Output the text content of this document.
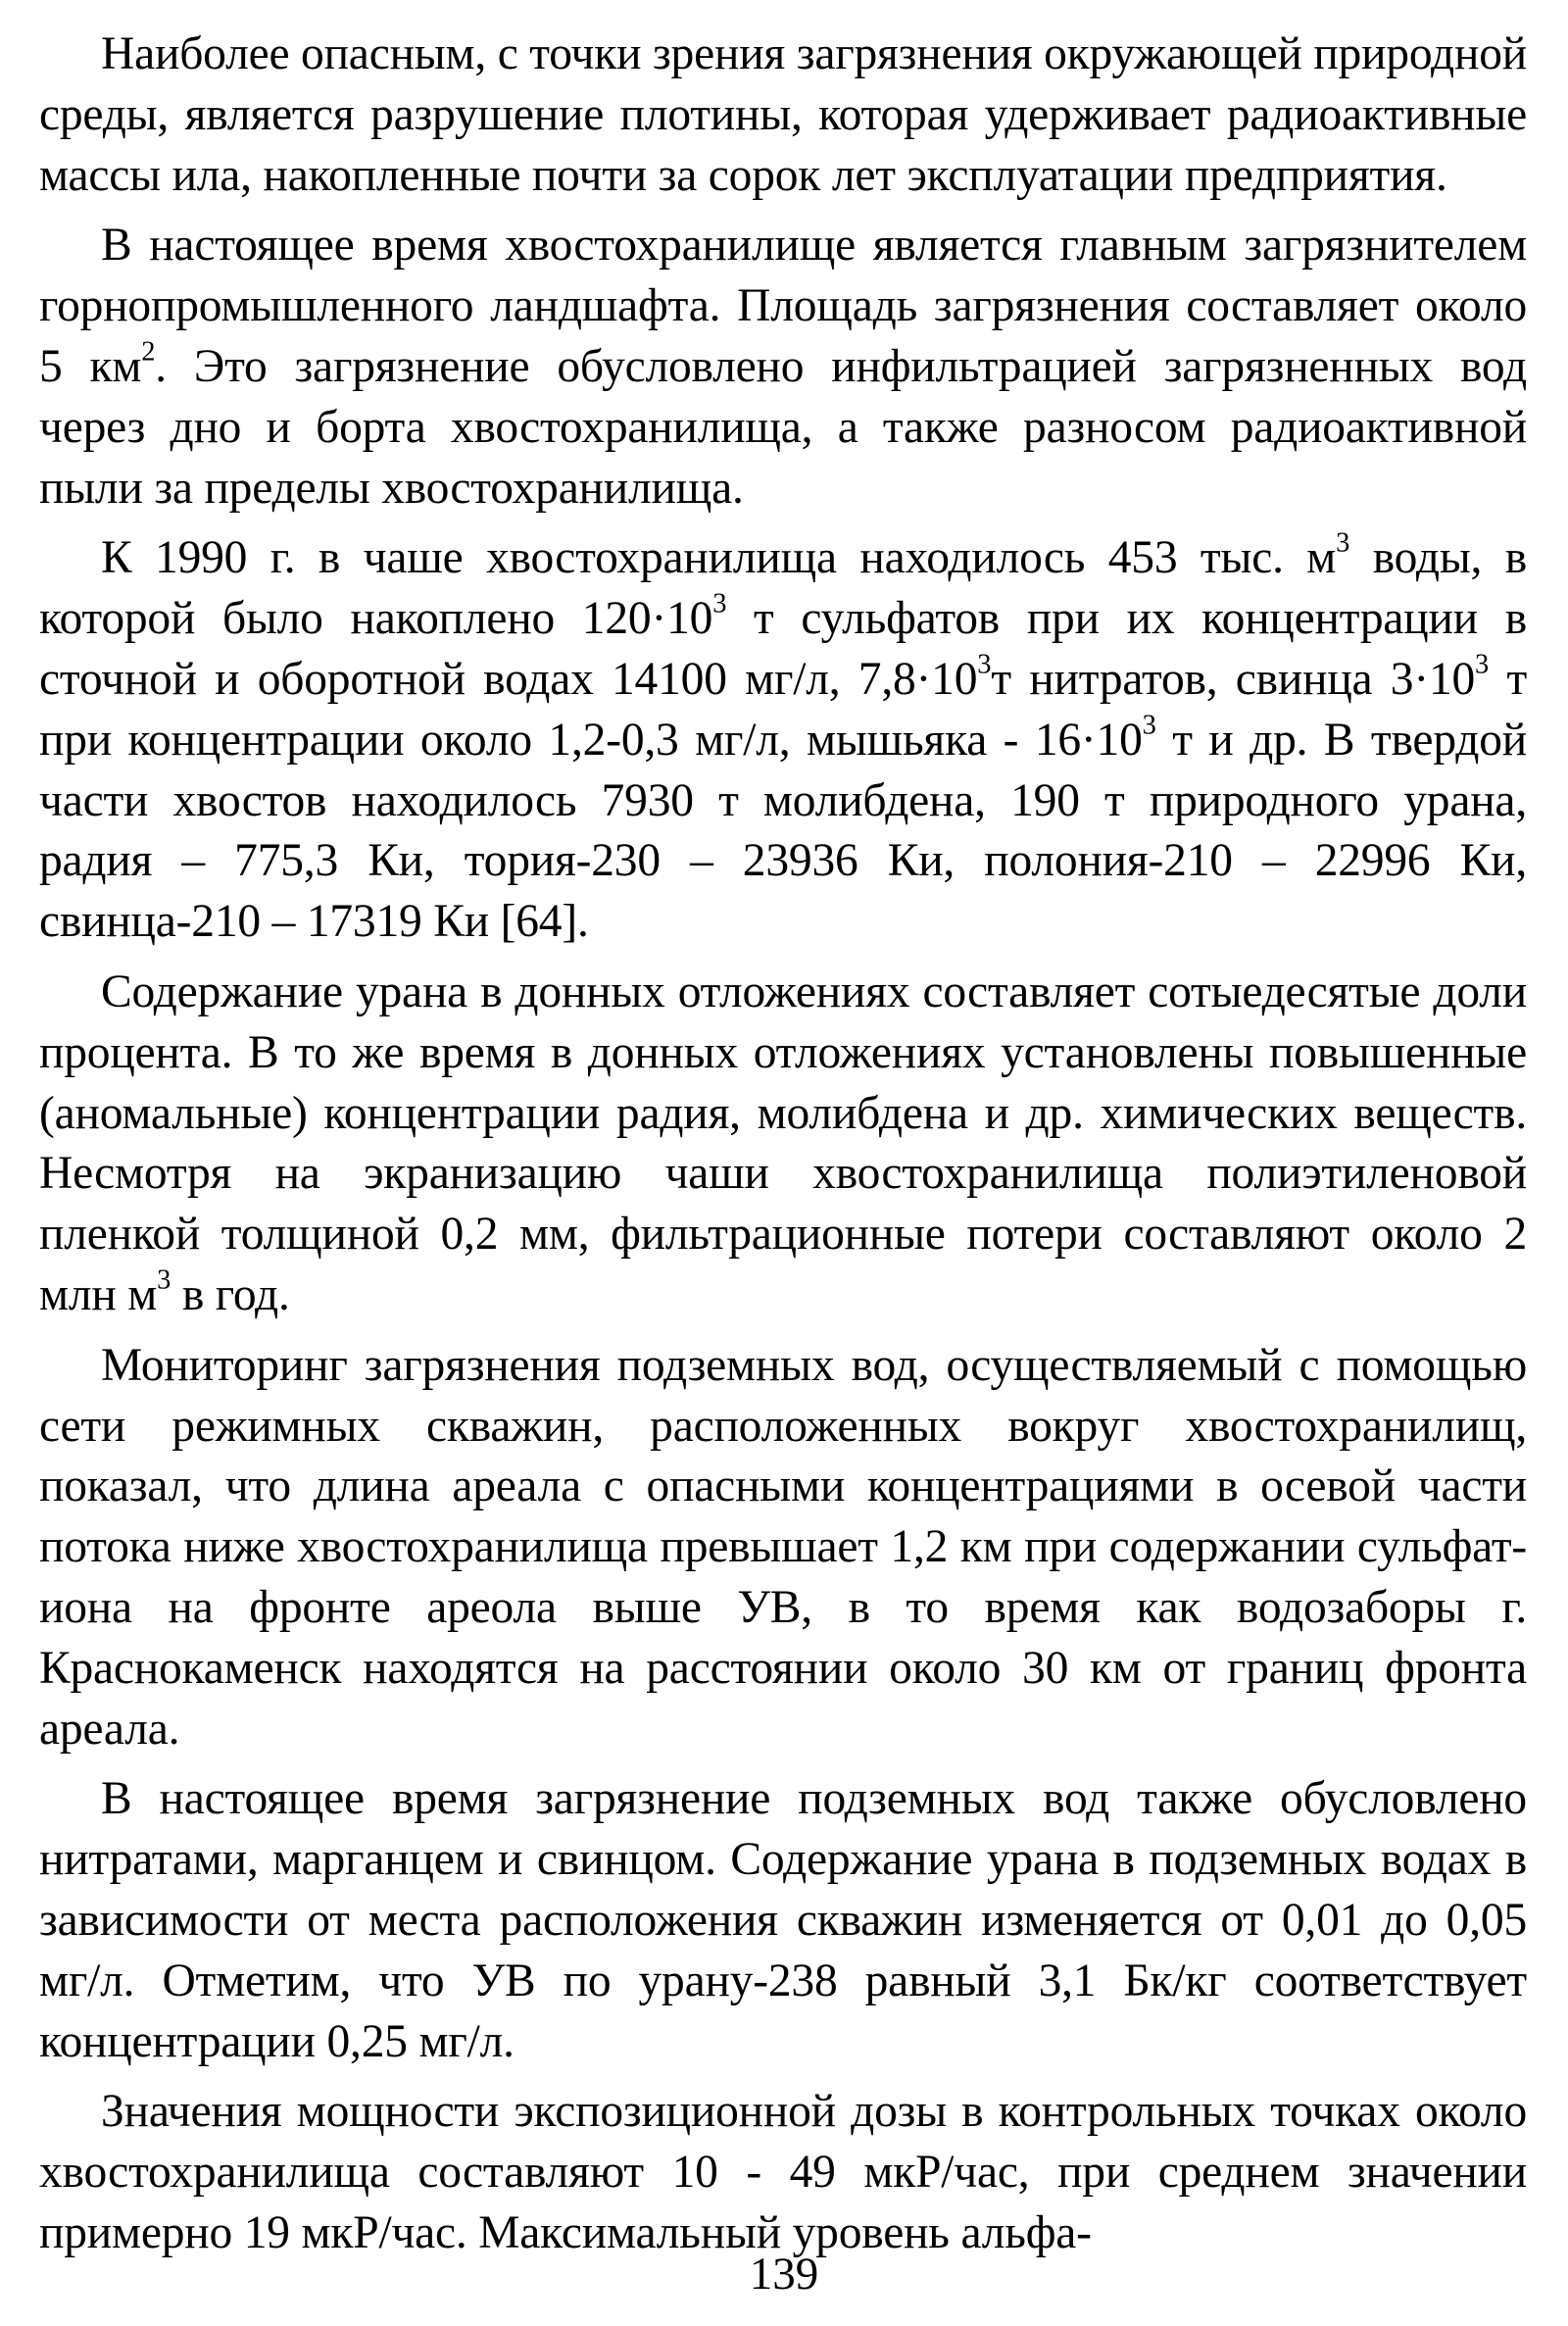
Наиболее опасным, с точки зрения загрязнения окружающей природной среды, является разрушение плотины, которая удерживает радиоактивные массы ила, накопленные почти за сорок лет эксплуатации предприятия.

В настоящее время хвостохранилище является главным загрязнителем горнопромышленного ландшафта. Площадь загрязнения составляет около 5 $км^2$. Это загрязнение обусловлено инфильтрацией загрязненных вод через дно и борта хвостохранилища, а также разносом радиоактивной пыли за пределы хвостохранилища.

К 1990 г. в чаше хвостохранилища находилось 453 тыс. $м^3$ воды, в которой было накоплено $120\cdot 10^3$ т сульфатов при их концентрации в сточной и оборотной водах 14100 мг/л, $7,8\cdot 10^3т$ нитратов, свинца $3\cdot 10^3$ т при концентрации около 1,2-0,3 мг/л, мышьяка - $16\cdot 10^3$ т и др. В твердой части хвостов находилось 7930 т молибдена, 190 т природного урана, радия – 775,3 Ки, тория-230 – 23936 Ки, полония-210 – 22996 Ки, свинца-210 – 17319 Ки [64].

Содержание урана в донных отложениях составляет сотыедесятые доли процента. В то же время в донных отложениях установлены повышенные (аномальные) концентрации радия, молибдена и др. химических веществ. Несмотря на экранизацию чаши хвостохранилища полиэтиленовой пленкой толщиной 0,2 мм, фильтрационные потери составляют около 2 млн $м^3$ в год.

Мониторинг загрязнения подземных вод, осуществляемый с помощью сети режимных скважин, расположенных вокруг хвостохранилищ, показал, что длина ареала с опасными концентрациями в осевой части потока ниже хвостохранилища превышает 1,2 км при содержании сульфат-иона на фронте ареола выше УВ, в то время как водозаборы г. Краснокаменск находятся на расстоянии около 30 км от границ фронта ареала.

В настоящее время загрязнение подземных вод также обусловлено нитратами, марганцем и свинцом. Содержание урана в подземных водах в зависимости от места расположения скважин изменяется от 0,01 до 0,05 мг/л. Отметим, что УВ по урану-238 равный 3,1 Бк/кг соответствует концентрации 0,25 мг/л.

Значения мощности экспозиционной дозы в контрольных точках около хвостохранилища составляют 10 - 49 мкР/час, при среднем значении примерно 19 мкР/час. Максимальный уровень альфа-

139
